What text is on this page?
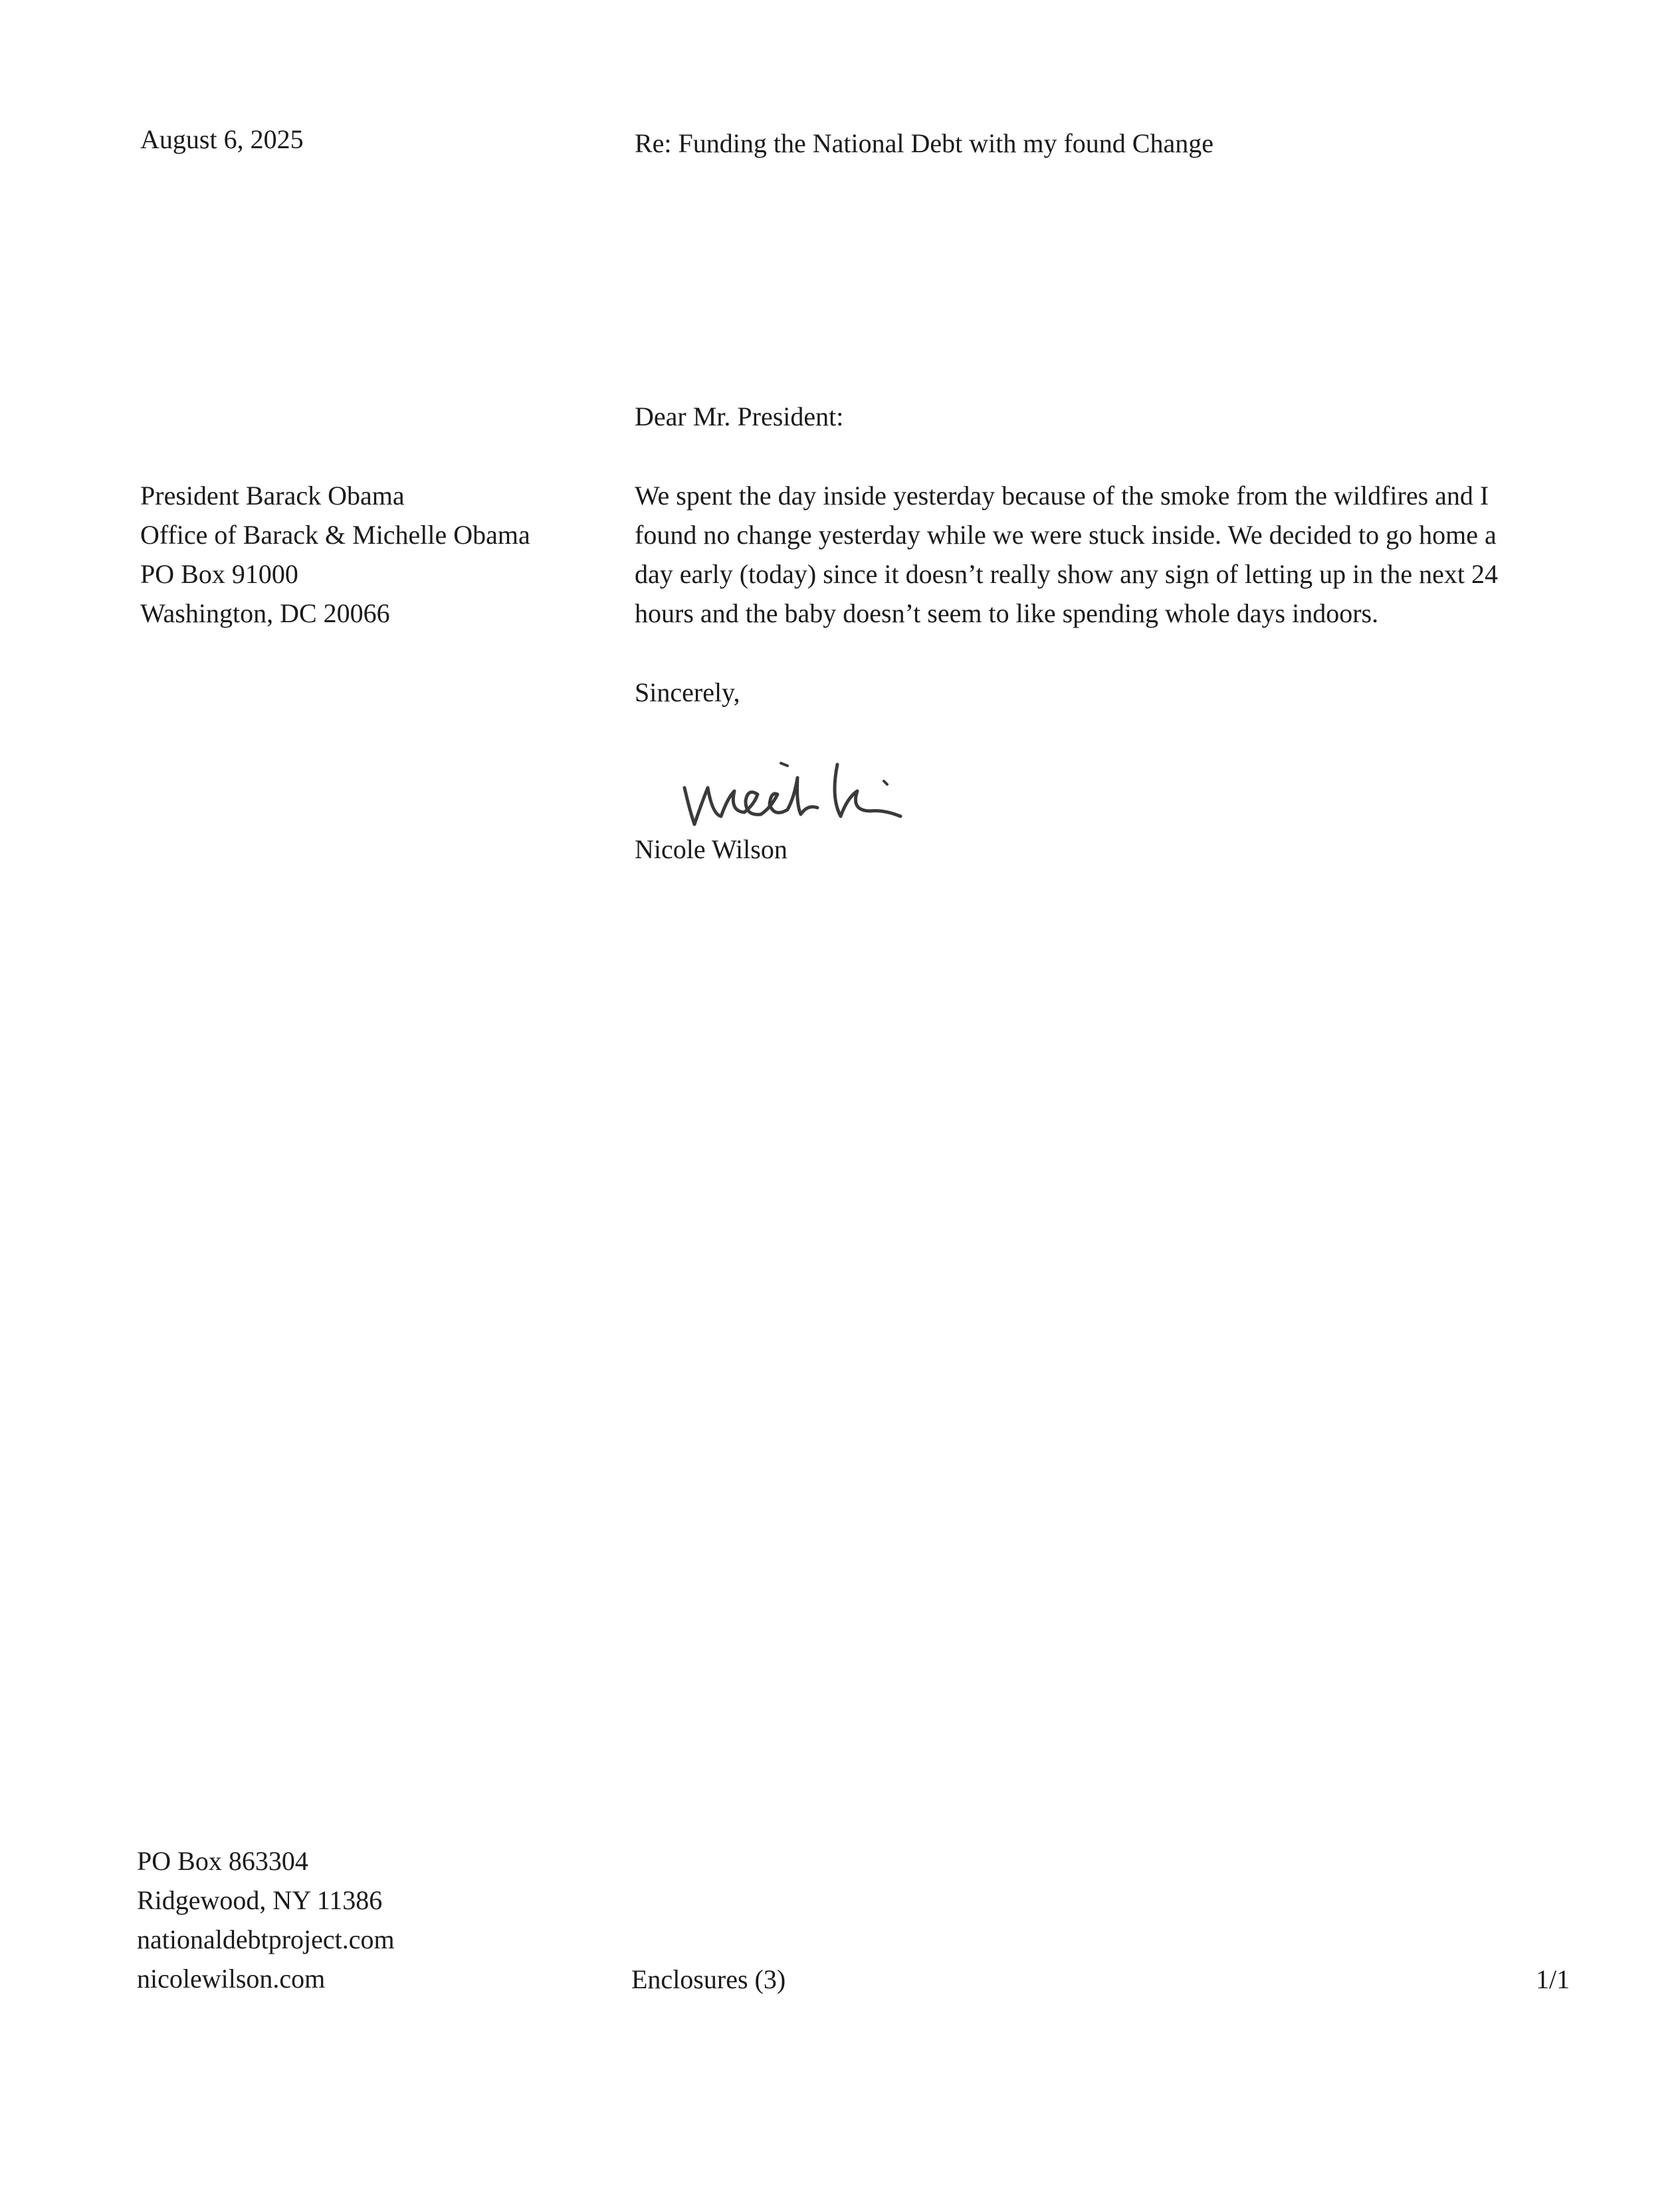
August 6, 2025	Re: Funding the National Debt with my found Change
Dear Mr. President:
President Barack Obama
Office of Barack & Michelle Obama
PO Box 91000
Washington, DC 20066
We spent the day inside yesterday because of the smoke from the wildfires and I
found no change yesterday while we were stuck inside. We decided to go home a
day early (today) since it doesn’t really show any sign of letting up in the next 24
hours and the baby doesn’t seem to like spending whole days indoors.
Sincerely,
Nicole Wilson
PO Box 863304
Ridgewood, NY 11386
nationaldebtproject.com
nicolewilson.com	Enclosures (3)	1/1
